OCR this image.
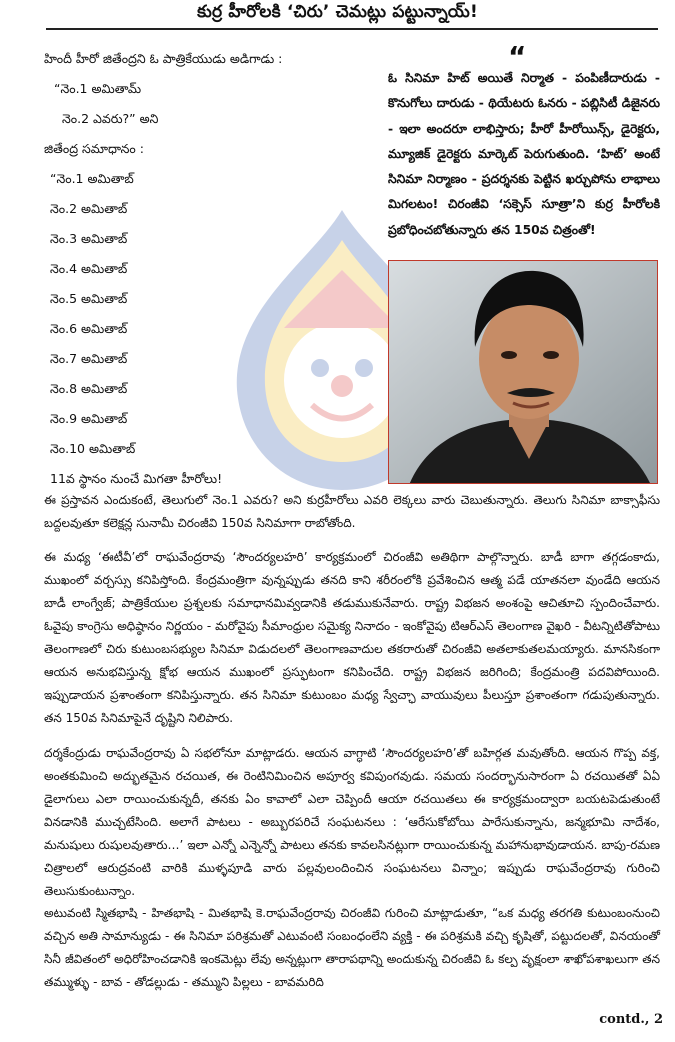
కుర్ర హీరోలకి ‘చిరు’ చెమట్లు పట్టున్నాయ్!
హిందీ హీరో జితేంద్రని ఓ పాత్రికేయుడు అడిగాడు :
“నెం.1 అమితామ్
నెం.2 ఎవరు?” అని
జితేంద్ర సమాధానం :
“నెం.1 అమితాబ్
నెం.2 అమితాబ్
నెం.3 అమితాబ్
నెం.4 అమితాబ్
నెం.5 అమితాబ్
నెం.6 అమితాబ్
నెం.7 అమితాబ్
నెం.8 అమితాబ్
నెం.9 అమితాబ్
నెం.10 అమితాబ్
11వ స్థానం నుంచే మిగతా హీరోలు!
“
ఓ సినిమా హిట్ అయితే నిర్మాత - పంపిణీదారుడు - కొనుగోలు దారుడు - థియేటరు ఓనరు - పబ్లిసిటీ డిజైనరు - ఇలా అందరూ లాభిస్తారు; హీరో హీరోయిన్స్, డైరెక్టరు, మ్యూజిక్ డైరెక్టరు మార్కెట్ పెరుగుతుంది. ‘హిట్’ అంటే సినిమా నిర్మాణం - ప్రదర్శనకు పెట్టిన ఖర్చుపోను లాభాలు మిగలటం! చిరంజీవి ‘సక్సెస్ సూత్రా’ని కుర్ర హీరోలకి ప్రబోధించబోతున్నారు తన 150వ చిత్రంతో!
ఈ ప్రస్తావన ఎందుకంటే, తెలుగులో నెం.1 ఎవరు? అని కుర్రహీరోలు ఎవరి లెక్కలు వారు చెబుతున్నారు. తెలుగు సినిమా బాక్సాఫీసు బద్దలవుతూ కలెక్షన్ల సునామీ చిరంజీవి 150వ సినిమాగా రాబోతోంది.
ఈ మధ్య ‘ఈటీవీ’లో రాఘవేంద్రరావు ‘సౌందర్యలహరి’ కార్యక్రమంలో చిరంజీవి అతిథిగా పాల్గొన్నారు. బాడీ బాగా తగ్గడంకాదు, ముఖంలో వర్చస్సు కనిపిస్తోంది. కేంద్రమంత్రిగా వున్నప్పుడు తనది కాని శరీరంలోకి ప్రవేశించిన ఆత్మ పడే యాతనలా వుండేది ఆయన బాడీ లాంగ్వేజ్; పాత్రికేయుల ప్రశ్నలకు సమాధానమివ్వడానికి తడుముకునేవారు. రాష్ట్ర విభజన అంశంపై ఆచితూచి స్పందించేవారు. ఓవైపు కాంగ్రెసు అధిష్ఠానం నిర్ణయం - మరోవైపు సీమాంధ్రుల సమైక్య నినాదం - ఇంకోవైపు టిఆర్ఎస్ తెలంగాణ వైఖరి - వీటన్నిటితోపాటు తెలంగాణలో చిరు కుటుంబసభ్యుల సినిమా విడుదలలో తెలంగాణవాదుల తకరారుతో చిరంజీవి అతలాకుతలమయ్యారు. మానసికంగా ఆయన అనుభవిస్తున్న క్షోభ ఆయన ముఖంలో ప్రస్ఫుటంగా కనిపించేది. రాష్ట్ర విభజన జరిగింది; కేంద్రమంత్రి పదవిపోయింది. ఇప్పుడాయన ప్రశాంతంగా కనిపిస్తున్నారు. తన సినిమా కుటుంబం మధ్య స్వేచ్ఛా వాయువులు పీలుస్తూ ప్రశాంతంగా గడుపుతున్నారు. తన 150వ సినిమాపైనే దృష్టిని నిలిపారు.
దర్శకేంద్రుడు రాఘవేంద్రరావు ఏ సభలోనూ మాట్లాడరు. ఆయన వాగ్ధాటి ‘సౌందర్యలహరి’తో బహిర్గత మవుతోంది. ఆయన గొప్ప వక్త, అంతకుమించి అద్భుతమైన రచయిత, ఈ రెంటినిమించిన అపూర్వ కవిపుంగవుడు. సమయ సందర్భానుసారంగా ఏ రచయితతో ఏఏ డైలాగులు ఎలా రాయించుకున్నదీ, తనకు ఏం కావాలో ఎలా చెప్పిందీ ఆయా రచయితలు ఈ కార్యక్రమంద్వారా బయటపెడుతుంటే వినడానికి ముచ్చటేసింది. అలాగే పాటలు - అబ్బురపరిచే సంఘటనలు : ‘ఆరేసుకోబోయి పారేసుకున్నాను, జన్మభూమి నాదేశం, మనుషులు రుషులవుతారు…’ ఇలా ఎన్నో ఎన్నెన్నో పాటలు తనకు కావలసినట్లుగా రాయించుకున్న మహానుభావుడాయన. బాపు-రమణ చిత్రాలలో ఆరుద్రవంటి వారికి ముళ్ళపూడి వారు పల్లవులందించిన సంఘటనలు విన్నాం; ఇప్పుడు రాఘవేంద్రరావు గురించి తెలుసుకుంటున్నాం.
అటువంటి స్మితభాషి - హితభాషి - మితభాషి కె.రాఘవేంద్రరావు చిరంజీవి గురించి మాట్లాడుతూ, “ఒక మధ్య తరగతి కుటుంబంనుంచి వచ్చిన అతి సామాన్యుడు - ఈ సినిమా పరిశ్రమతో ఎటువంటి సంబంధంలేని వ్యక్తి - ఈ పరిశ్రమకి వచ్చి కృషితో, పట్టుదలతో, వినయంతో సినీ జీవితంలో అధిరోహించడానికి ఇంకమెట్లు లేవు అన్నట్లుగా తారాపథాన్ని అందుకున్న చిరంజీవి ఓ కల్ప వృక్షంలా శాఖోపశాఖలుగా తన తమ్ముళ్ళు - బావ - తోడల్లుడు - తమ్ముని పిల్లలు - బావమరిది
contd., 2
